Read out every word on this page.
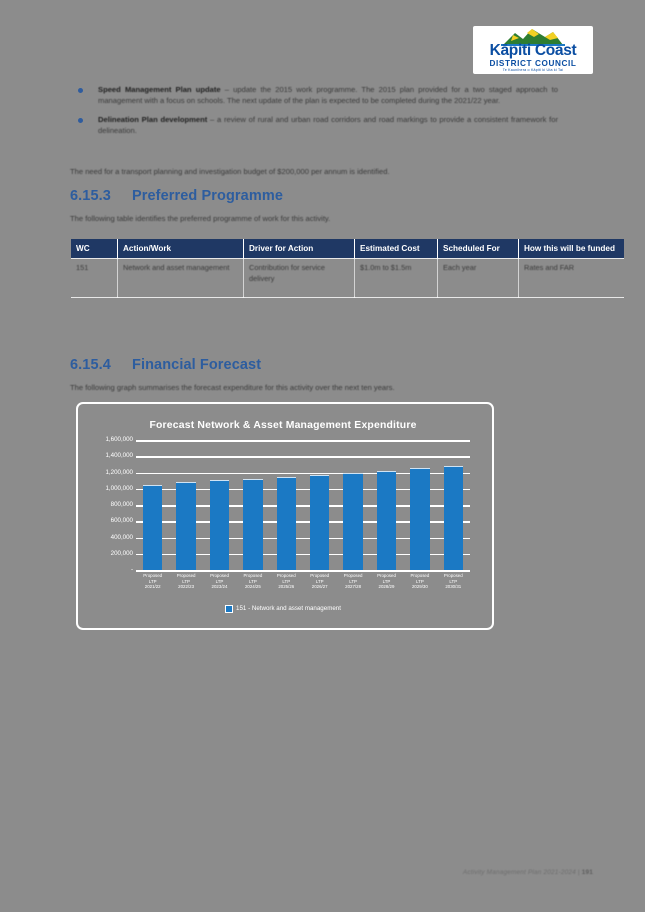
Kāpiti Coast
DISTRICT COUNCIL
Te Kaunihera o Kāpiti ki Uta ki Tai
Speed Management Plan update – update the 2015 work programme. The 2015 plan provided for a two staged approach to management with a focus on schools. The next update of the plan is expected to be completed during the 2021/22 year.
Delineation Plan development – a review of rural and urban road corridors and road markings to provide a consistent framework for delineation.
The need for a transport planning and investigation budget of $200,000 per annum is identified.
6.15.3 Preferred Programme
The following table identifies the preferred programme of work for this activity.
WC	Action/Work	Driver for Action	Estimated Cost	Scheduled For	How this will be funded
151	Network and asset management	Contribution for service delivery	$1.0m to $1.5m	Each year	Rates and FAR
6.15.4 Financial Forecast
The following graph summarises the forecast expenditure for this activity over the next ten years.
Forecast Network & Asset Management Expenditure
1,600,000
1,400,000
1,200,000
1,000,000
800,000
600,000
400,000
200,000
-
Proposed
LTP
2021/22
Proposed
LTP
2022/23
Proposed
LTP
2023/24
Proposed
LTP
2024/25
Proposed
LTP
2025/26
Proposed
LTP
2026/27
Proposed
LTP
2027/28
Proposed
LTP
2028/29
Proposed
LTP
2029/30
Proposed
LTP
2030/31
151 - Network and asset management
Activity Management Plan 2021-2024 | 191
